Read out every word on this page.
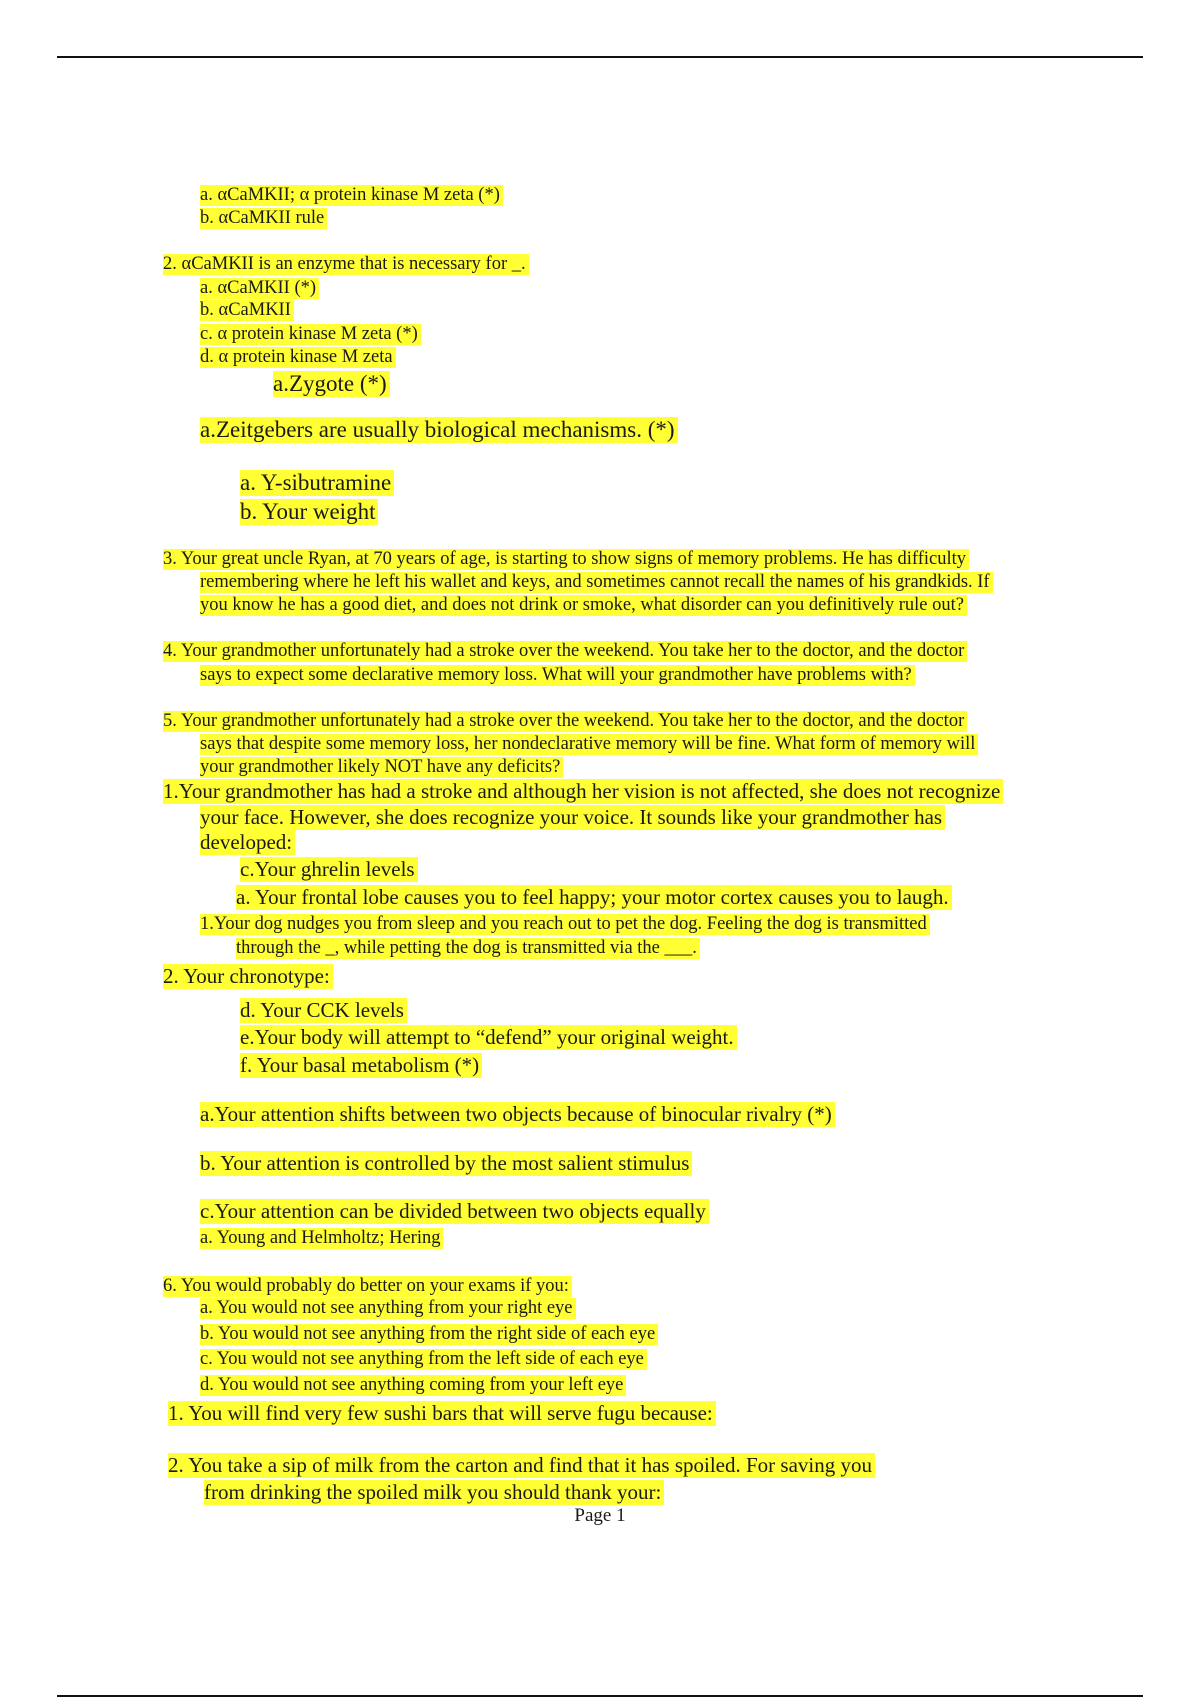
a. αCaMKII; α protein kinase M zeta (*)
b. αCaMKII rule
2. αCaMKII is an enzyme that is necessary for _.
a. αCaMKII (*)
b. αCaMKII
c. α protein kinase M zeta (*)
d. α protein kinase M zeta
a.Zygote (*)
a.Zeitgebers are usually biological mechanisms. (*)
a. Y-sibutramine
b. Your weight
3. Your great uncle Ryan, at 70 years of age, is starting to show signs of memory problems. He has difficulty
remembering where he left his wallet and keys, and sometimes cannot recall the names of his grandkids. If
you know he has a good diet, and does not drink or smoke, what disorder can you definitively rule out?
4. Your grandmother unfortunately had a stroke over the weekend. You take her to the doctor, and the doctor
says to expect some declarative memory loss. What will your grandmother have problems with?
5. Your grandmother unfortunately had a stroke over the weekend. You take her to the doctor, and the doctor
says that despite some memory loss, her nondeclarative memory will be fine. What form of memory will
your grandmother likely NOT have any deficits?
1.Your grandmother has had a stroke and although her vision is not affected, she does not recognize
your face. However, she does recognize your voice. It sounds like your grandmother has
developed:
c.Your ghrelin levels
a. Your frontal lobe causes you to feel happy; your motor cortex causes you to laugh.
1.Your dog nudges you from sleep and you reach out to pet the dog. Feeling the dog is transmitted
through the _, while petting the dog is transmitted via the ___.
2. Your chronotype:
d. Your CCK levels
e.Your body will attempt to “defend” your original weight.
f. Your basal metabolism (*)
a.Your attention shifts between two objects because of binocular rivalry (*)
b. Your attention is controlled by the most salient stimulus
c.Your attention can be divided between two objects equally
a. Young and Helmholtz; Hering
6. You would probably do better on your exams if you:
a. You would not see anything from your right eye
b. You would not see anything from the right side of each eye
c. You would not see anything from the left side of each eye
d. You would not see anything coming from your left eye
1. You will find very few sushi bars that will serve fugu because:
2. You take a sip of milk from the carton and find that it has spoiled. For saving you
from drinking the spoiled milk you should thank your:
Page 1
